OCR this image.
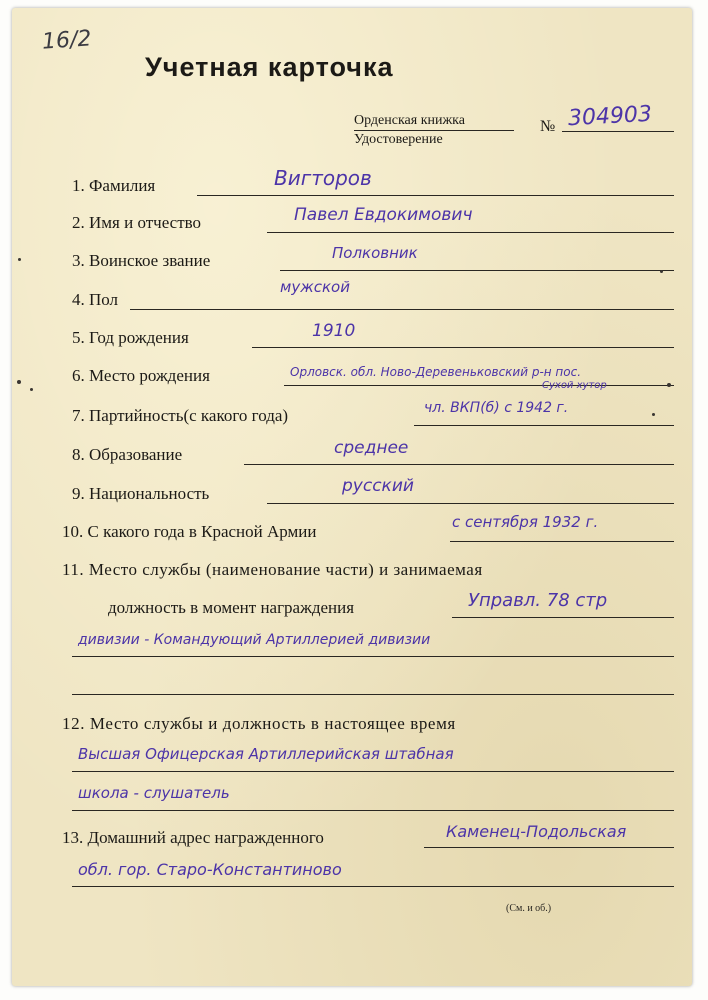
16/2
Учетная карточка
Орденская книжка
Удостоверение
№ 304903
1. Фамилия	Вигторов
2. Имя и отчество	Павел Евдокимович
3. Воинское звание	Полковник
4. Пол
мужской
5. Год рождения	1910
6. Место рождения	Орловск. обл. Ново-Деревеньковский р-н пос.
Сухой хутор
7. Партийность(с какого года)	чл. ВКП(б) с 1942 г.
8. Образование	среднее
9. Национальность	русский
10. С какого года в Красной Армии	с сентября 1932 г.
11. Место службы (наименование части) и занимаемая
должность в момент награждения	Управл. 78 стр
дивизии - Командующий Артиллерией дивизии
12. Место службы и должность в настоящее время
Высшая Офицерская Артиллерийская штабная
школа - слушатель
13. Домашний адрес награжденного	Каменец-Подольская
обл. гор. Старо-Константиново
(См. и об.)
